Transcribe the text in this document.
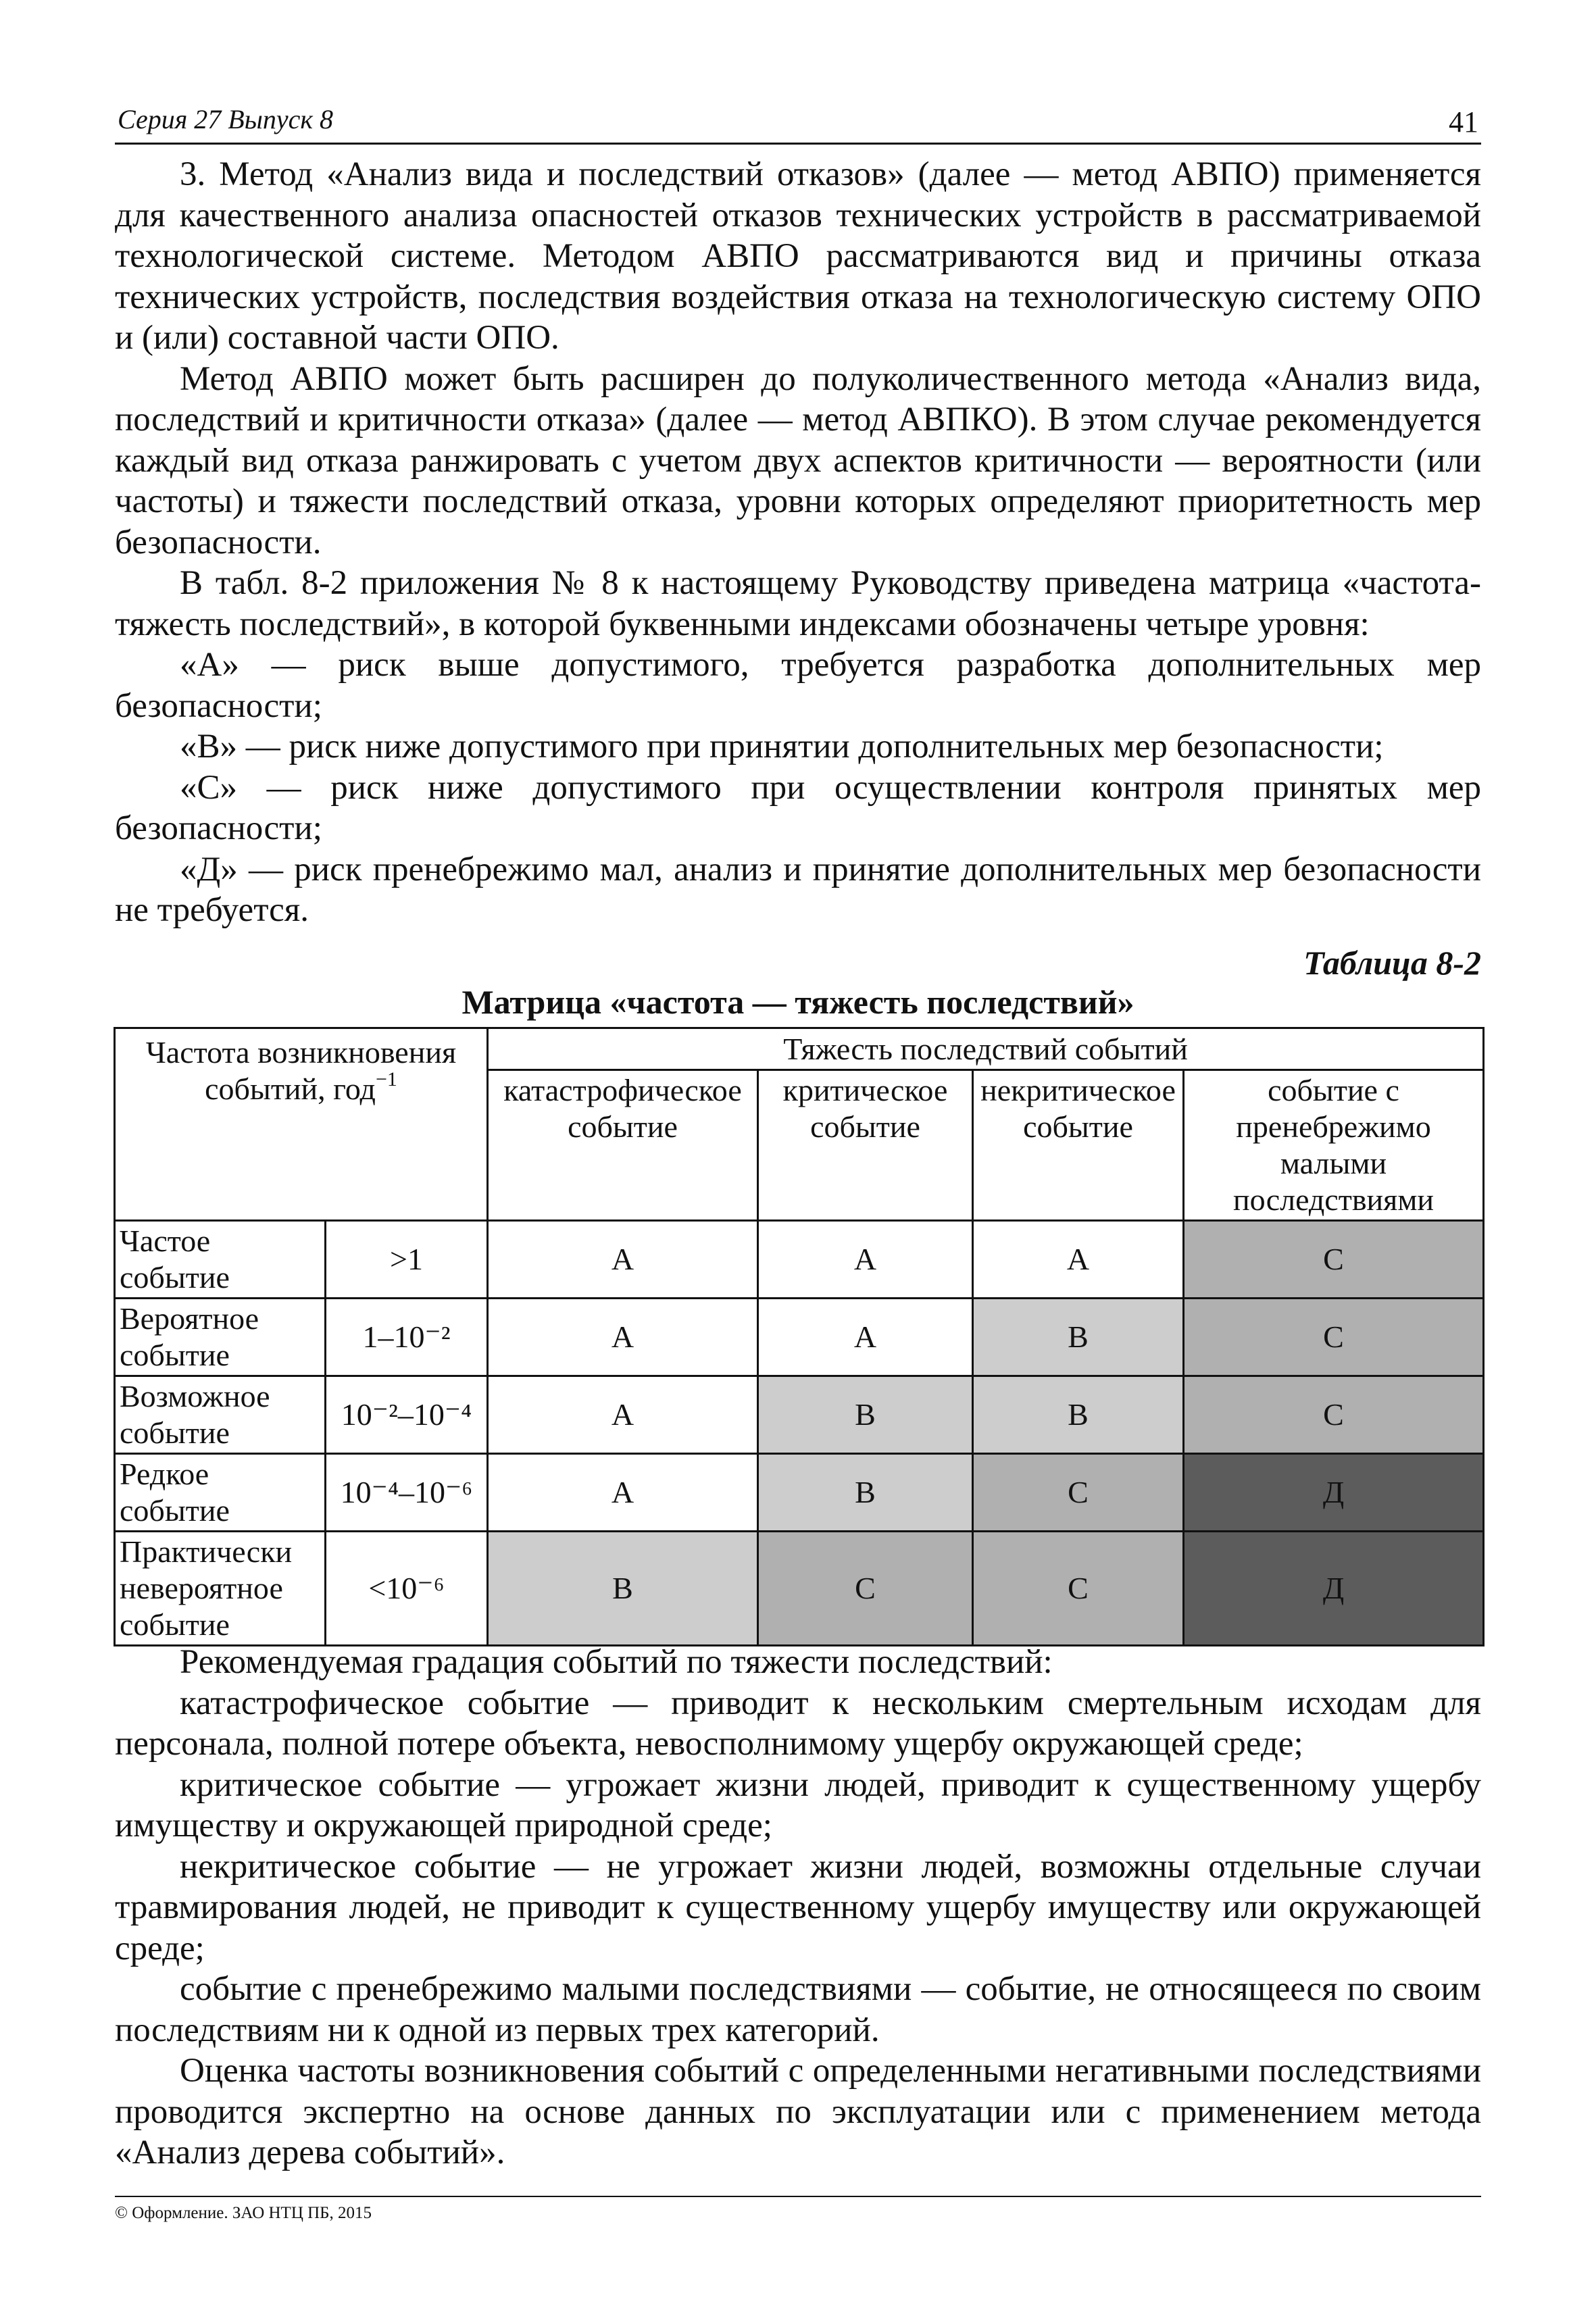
Серия 27 Выпуск 8	41

3. Метод «Анализ вида и последствий отказов» (далее — метод АВПО) применяется для качественного анализа опасностей отказов технических устройств в рассматриваемой технологической системе. Методом АВПО рассматриваются вид и причины отказа технических устройств, последствия воздействия отказа на технологическую систему ОПО и (или) составной части ОПО.

Метод АВПО может быть расширен до полуколичественного метода «Анализ вида, последствий и критичности отказа» (далее — метод АВПКО). В этом случае рекомендуется каждый вид отказа ранжировать с учетом двух аспектов критичности — вероятности (или частоты) и тяжести последствий отказа, уровни которых определяют приоритетность мер безопасности.

В табл. 8-2 приложения № 8 к настоящему Руководству приведена матрица «частота-тяжесть последствий», в которой буквенными индексами обозначены четыре уровня:

«А» — риск выше допустимого, требуется разработка дополнительных мер безопасности;

«В» — риск ниже допустимого при принятии дополнительных мер безопасности;

«С» — риск ниже допустимого при осуществлении контроля принятых мер безопасности;

«Д» — риск пренебрежимо мал, анализ и принятие дополнительных мер безопасности не требуется.

Таблица 8-2
Матрица «частота — тяжесть последствий»
Частота возникновения событий, год$^{-1}$		Тяжесть последствий событий			
		катастрофическое событие	критическое событие	некритическое событие	событие с пренебрежимо малыми последствиями
Частое событие	>1	A	A	A	C
Вероятное событие	1–10⁻²	A	A	B	C
Возможное событие	10⁻²–10⁻⁴	A	B	B	C
Редкое событие	10⁻⁴–10⁻⁶	A	B	C	Д
Практически невероятное событие	<10⁻⁶	B	C	C	Д

Рекомендуемая градация событий по тяжести последствий:

катастрофическое событие — приводит к нескольким смертельным исходам для персонала, полной потере объекта, невосполнимому ущербу окружающей среде;

критическое событие — угрожает жизни людей, приводит к существенному ущербу имуществу и окружающей природной среде;

некритическое событие — не угрожает жизни людей, возможны отдельные случаи травмирования людей, не приводит к существенному ущербу имуществу или окружающей среде;

событие с пренебрежимо малыми последствиями — событие, не относящееся по своим последствиям ни к одной из первых трех категорий.

Оценка частоты возникновения событий с определенными негативными последствиями проводится экспертно на основе данных по эксплуатации или с применением метода «Анализ дерева событий».

© Оформление. ЗАО НТЦ ПБ, 2015
